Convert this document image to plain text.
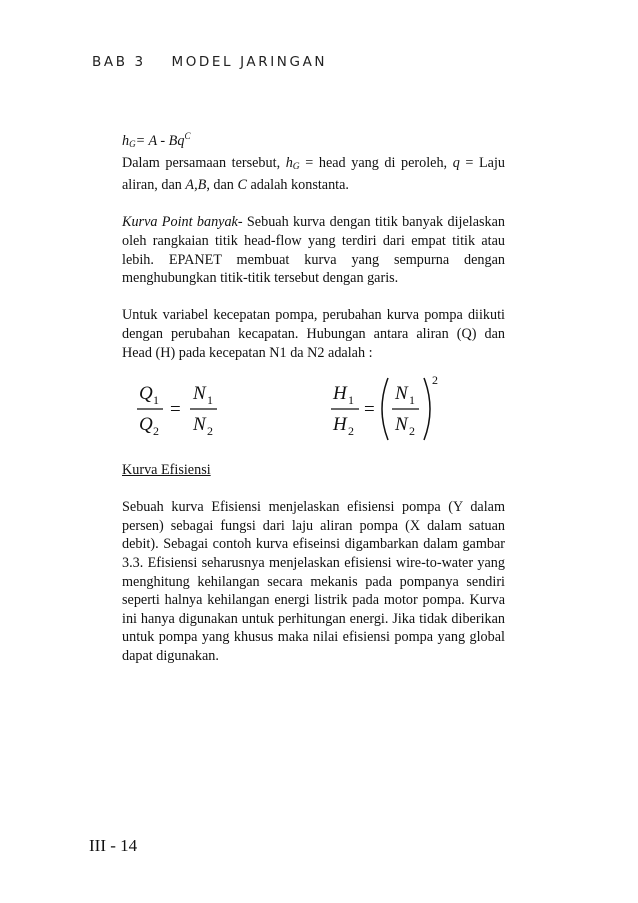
BAB 3 MODEL JARINGAN

$h_G= A - Bq^C$

Dalam persamaan tersebut, hG = head yang di peroleh, q = Laju aliran, dan A,B, dan C adalah konstanta.

Kurva Point banyak- Sebuah kurva dengan titik banyak dijelaskan oleh rangkaian titik head-flow yang terdiri dari empat titik atau lebih. EPANET membuat kurva yang sempurna dengan menghubungkan titik-titik tersebut dengan garis.

Untuk variabel kecepatan pompa, perubahan kurva pompa diikuti dengan perubahan kecapatan. Hubungan antara aliran (Q) dan Head (H) pada kecepatan N1 da N2 adalah :

Q 1
Q 2
=
N 1
N 2
H 1
H 2
=
N 1
N 2
2

Kurva Efisiensi

Sebuah kurva Efisiensi menjelaskan efisiensi pompa (Y dalam persen) sebagai fungsi dari laju aliran pompa (X dalam satuan debit). Sebagai contoh kurva efiseinsi digambarkan dalam gambar 3.3. Efisiensi seharusnya menjelaskan efisiensi wire-to-water yang menghitung kehilangan secara mekanis pada pompanya sendiri seperti halnya kehilangan energi listrik pada motor pompa. Kurva ini hanya digunakan untuk perhitungan energi. Jika tidak diberikan untuk pompa yang khusus maka nilai efisiensi pompa yang global dapat digunakan.

III - 14
